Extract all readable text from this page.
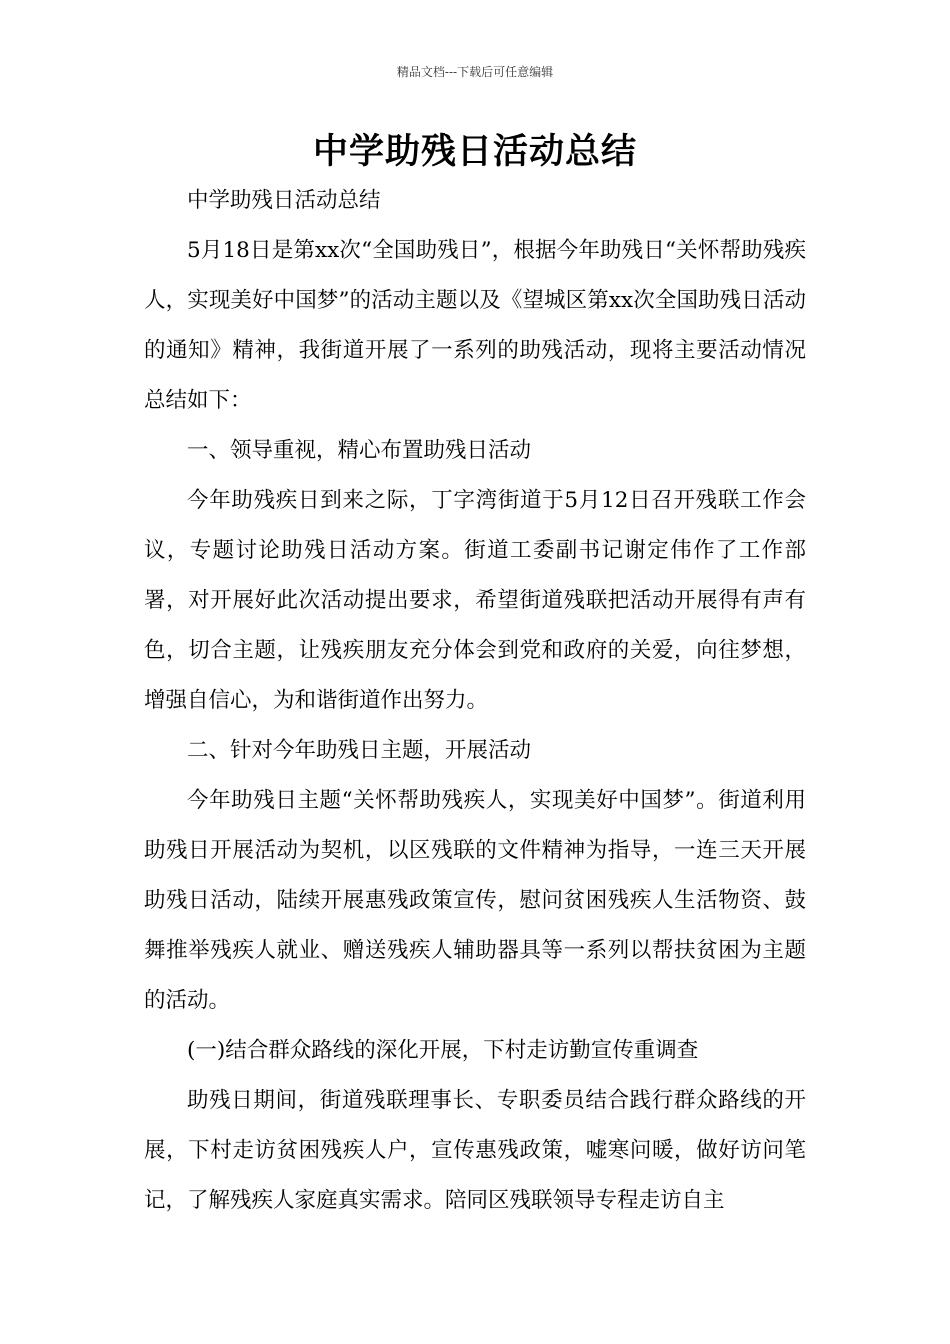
精品文档---下载后可任意编辑
中学助残日活动总结

中学助残日活动总结

5月18日是第xx次“全国助残日”，根据今年助残日“关怀帮助残疾人，实现美好中国梦”的活动主题以及《望城区第xx次全国助残日活动的通知》精神，我街道开展了一系列的助残活动，现将主要活动情况总结如下：

一、领导重视，精心布置助残日活动

今年助残疾日到来之际，丁字湾街道于5月12日召开残联工作会议，专题讨论助残日活动方案。街道工委副书记谢定伟作了工作部署，对开展好此次活动提出要求，希望街道残联把活动开展得有声有色，切合主题，让残疾朋友充分体会到党和政府的关爱，向往梦想，增强自信心，为和谐街道作出努力。

二、针对今年助残日主题，开展活动

今年助残日主题“关怀帮助残疾人，实现美好中国梦”。街道利用助残日开展活动为契机，以区残联的文件精神为指导，一连三天开展助残日活动，陆续开展惠残政策宣传，慰问贫困残疾人生活物资、鼓舞推举残疾人就业、赠送残疾人辅助器具等一系列以帮扶贫困为主题的活动。

(一)结合群众路线的深化开展，下村走访勤宣传重调查

助残日期间，街道残联理事长、专职委员结合践行群众路线的开展，下村走访贫困残疾人户，宣传惠残政策，嘘寒问暖，做好访问笔记，了解残疾人家庭真实需求。陪同区残联领导专程走访自主
